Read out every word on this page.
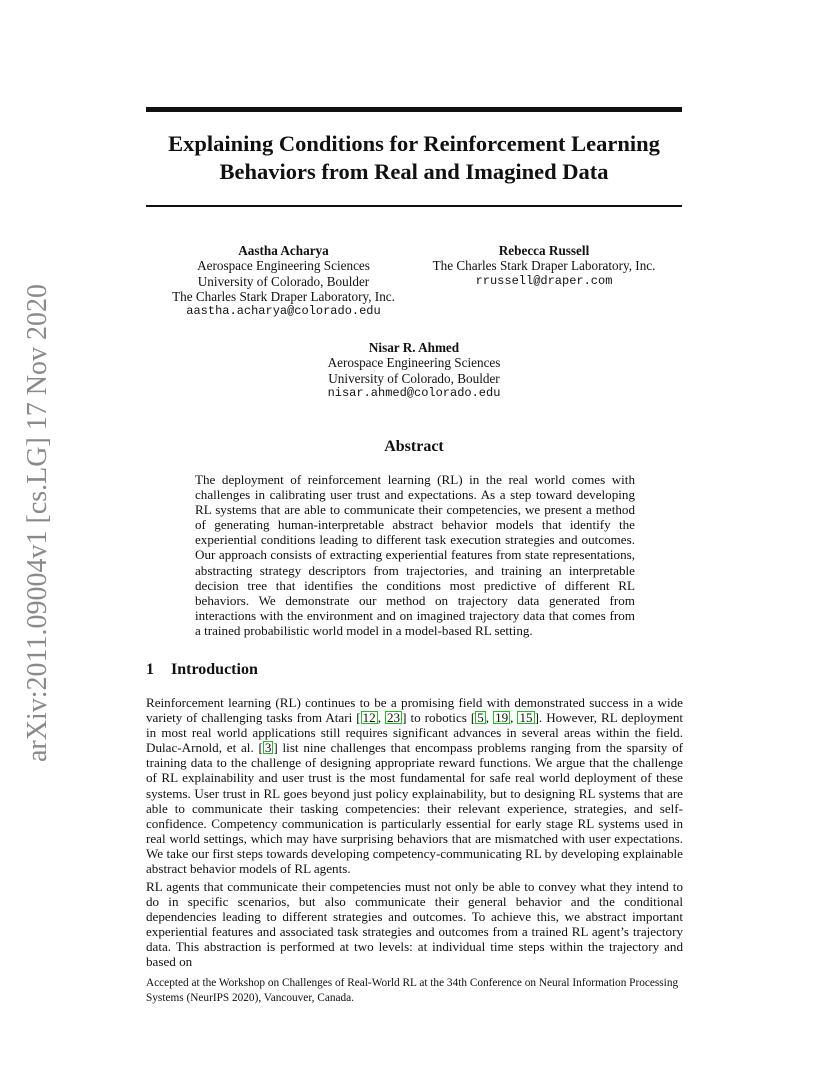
arXiv:2011.09004v1 [cs.LG] 17 Nov 2020
Explaining Conditions for Reinforcement Learning Behaviors from Real and Imagined Data
Aastha Acharya
Aerospace Engineering Sciences
University of Colorado, Boulder
The Charles Stark Draper Laboratory, Inc.
aastha.acharya@colorado.edu
Rebecca Russell
The Charles Stark Draper Laboratory, Inc.
rrussell@draper.com
Nisar R. Ahmed
Aerospace Engineering Sciences
University of Colorado, Boulder
nisar.ahmed@colorado.edu
Abstract

The deployment of reinforcement learning (RL) in the real world comes with challenges in calibrating user trust and expectations. As a step toward developing RL systems that are able to communicate their competencies, we present a method of generating human-interpretable abstract behavior models that identify the experiential conditions leading to different task execution strategies and outcomes. Our approach consists of extracting experiential features from state representations, abstracting strategy descriptors from trajectories, and training an interpretable decision tree that identifies the conditions most predictive of different RL behaviors. We demonstrate our method on trajectory data generated from interactions with the environment and on imagined trajectory data that comes from a trained probabilistic world model in a model-based RL setting.

1 Introduction

Reinforcement learning (RL) continues to be a promising field with demonstrated success in a wide variety of challenging tasks from Atari [ 12 , 23 ] to robotics [ 5 , 19 , 15 ]. However, RL deployment in most real world applications still requires significant advances in several areas within the field. Dulac-Arnold, et al. [ 3 ] list nine challenges that encompass problems ranging from the sparsity of training data to the challenge of designing appropriate reward functions. We argue that the challenge of RL explainability and user trust is the most fundamental for safe real world deployment of these systems. User trust in RL goes beyond just policy explainability, but to designing RL systems that are able to communicate their tasking competencies: their relevant experience, strategies, and self-confidence. Competency communication is particularly essential for early stage RL systems used in real world settings, which may have surprising behaviors that are mismatched with user expectations. We take our first steps towards developing competency-communicating RL by developing explainable abstract behavior models of RL agents.

RL agents that communicate their competencies must not only be able to convey what they intend to do in specific scenarios, but also communicate their general behavior and the conditional dependencies leading to different strategies and outcomes. To achieve this, we abstract important experiential features and associated task strategies and outcomes from a trained RL agent’s trajectory data. This abstraction is performed at two levels: at individual time steps within the trajectory and based on

Accepted at the Workshop on Challenges of Real-World RL at the 34th Conference on Neural Information Processing Systems (NeurIPS 2020), Vancouver, Canada.
